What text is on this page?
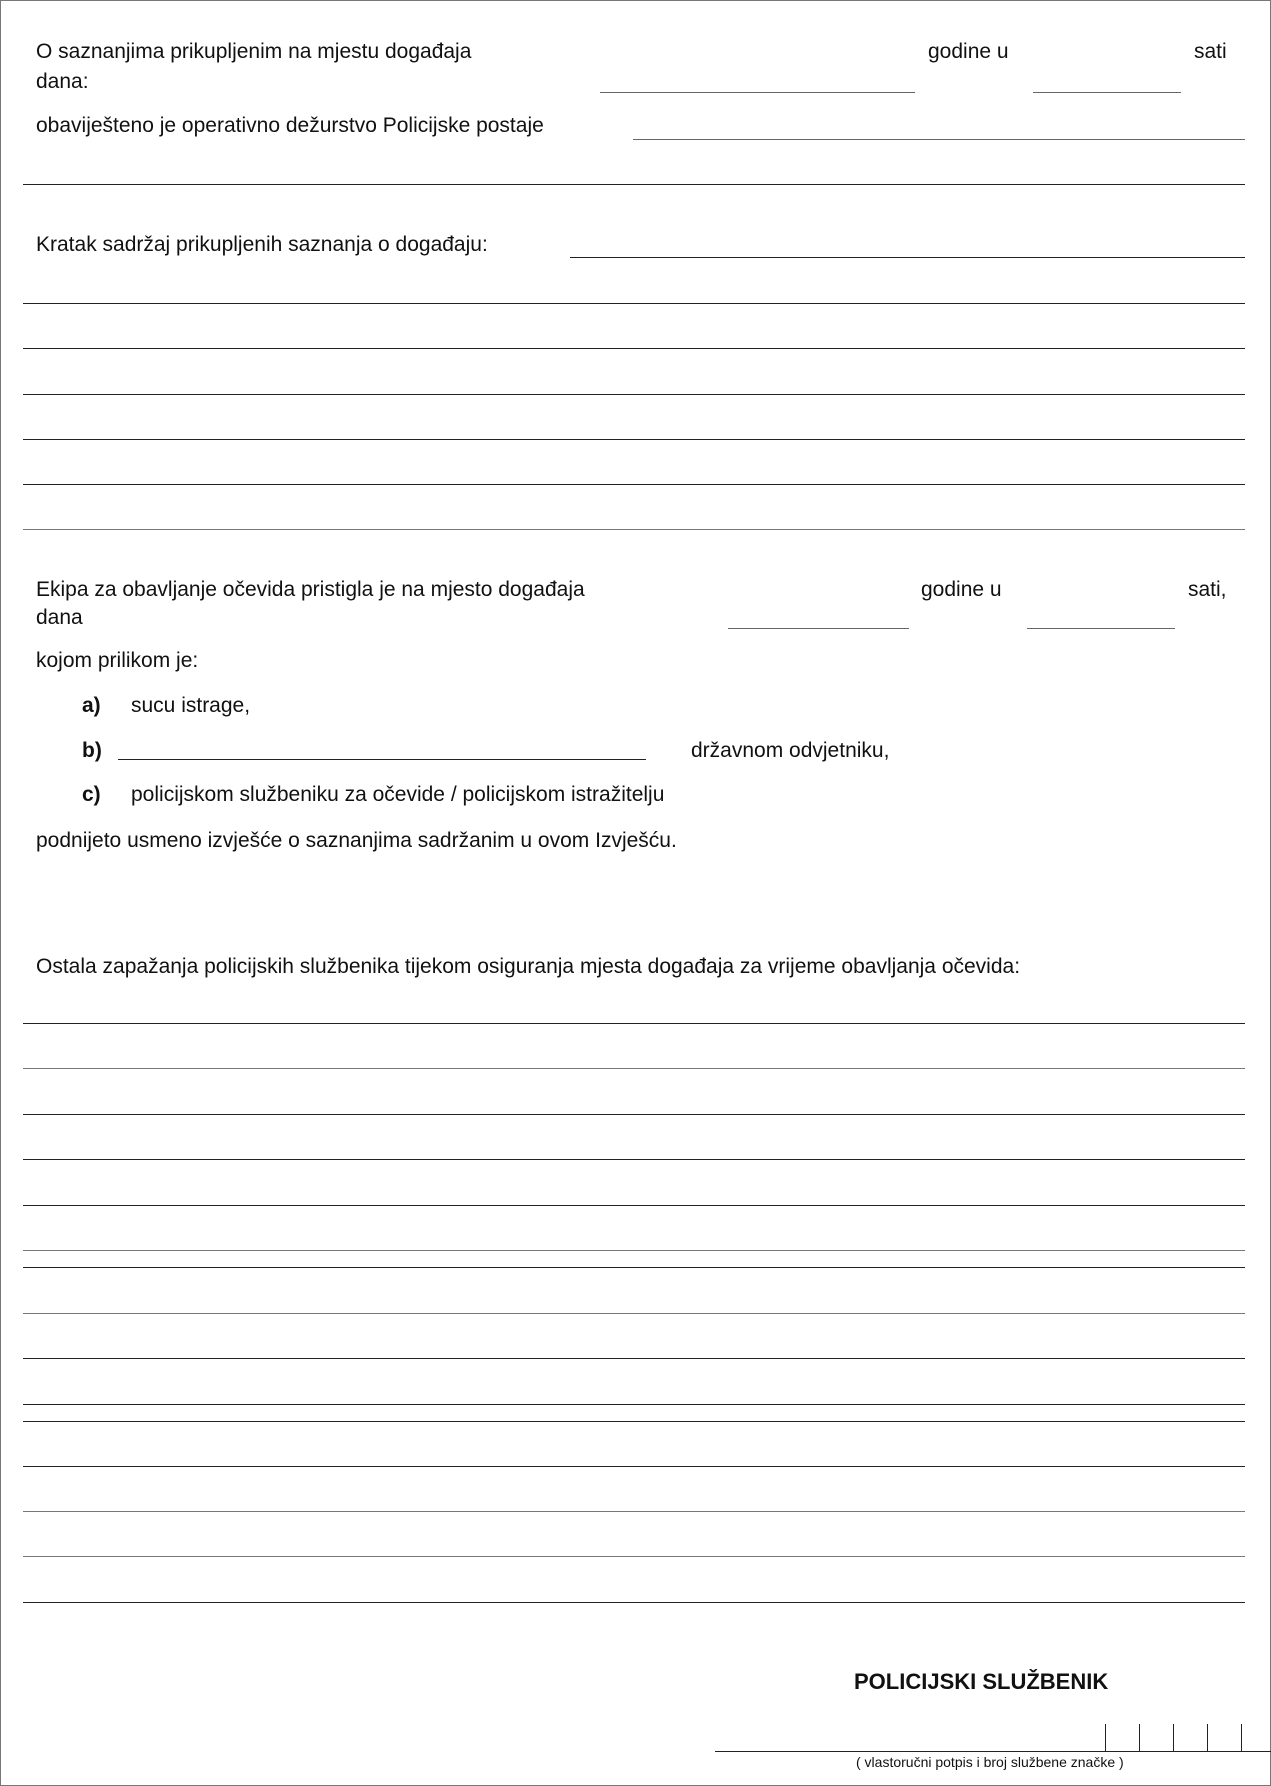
O saznanjima prikupljenim na mjestu događaja
dana:
godine u	sati
obaviješteno je operativno dežurstvo Policijske postaje
Kratak sadržaj prikupljenih saznanja o događaju:
Ekipa za obavljanje očevida pristigla je na mjesto događaja
dana
godine u	sati,
kojom prilikom je:
a) sucu istrage,
b)	državnom odvjetniku,
c) policijskom službeniku za očevide / policijskom istražitelju
podnijeto usmeno izvješće o saznanjima sadržanim u ovom Izvješću.
Ostala zapažanja policijskih službenika tijekom osiguranja mjesta događaja za vrijeme obavljanja očevida:
POLICIJSKI SLUŽBENIK
( vlastoručni potpis i broj službene značke )
